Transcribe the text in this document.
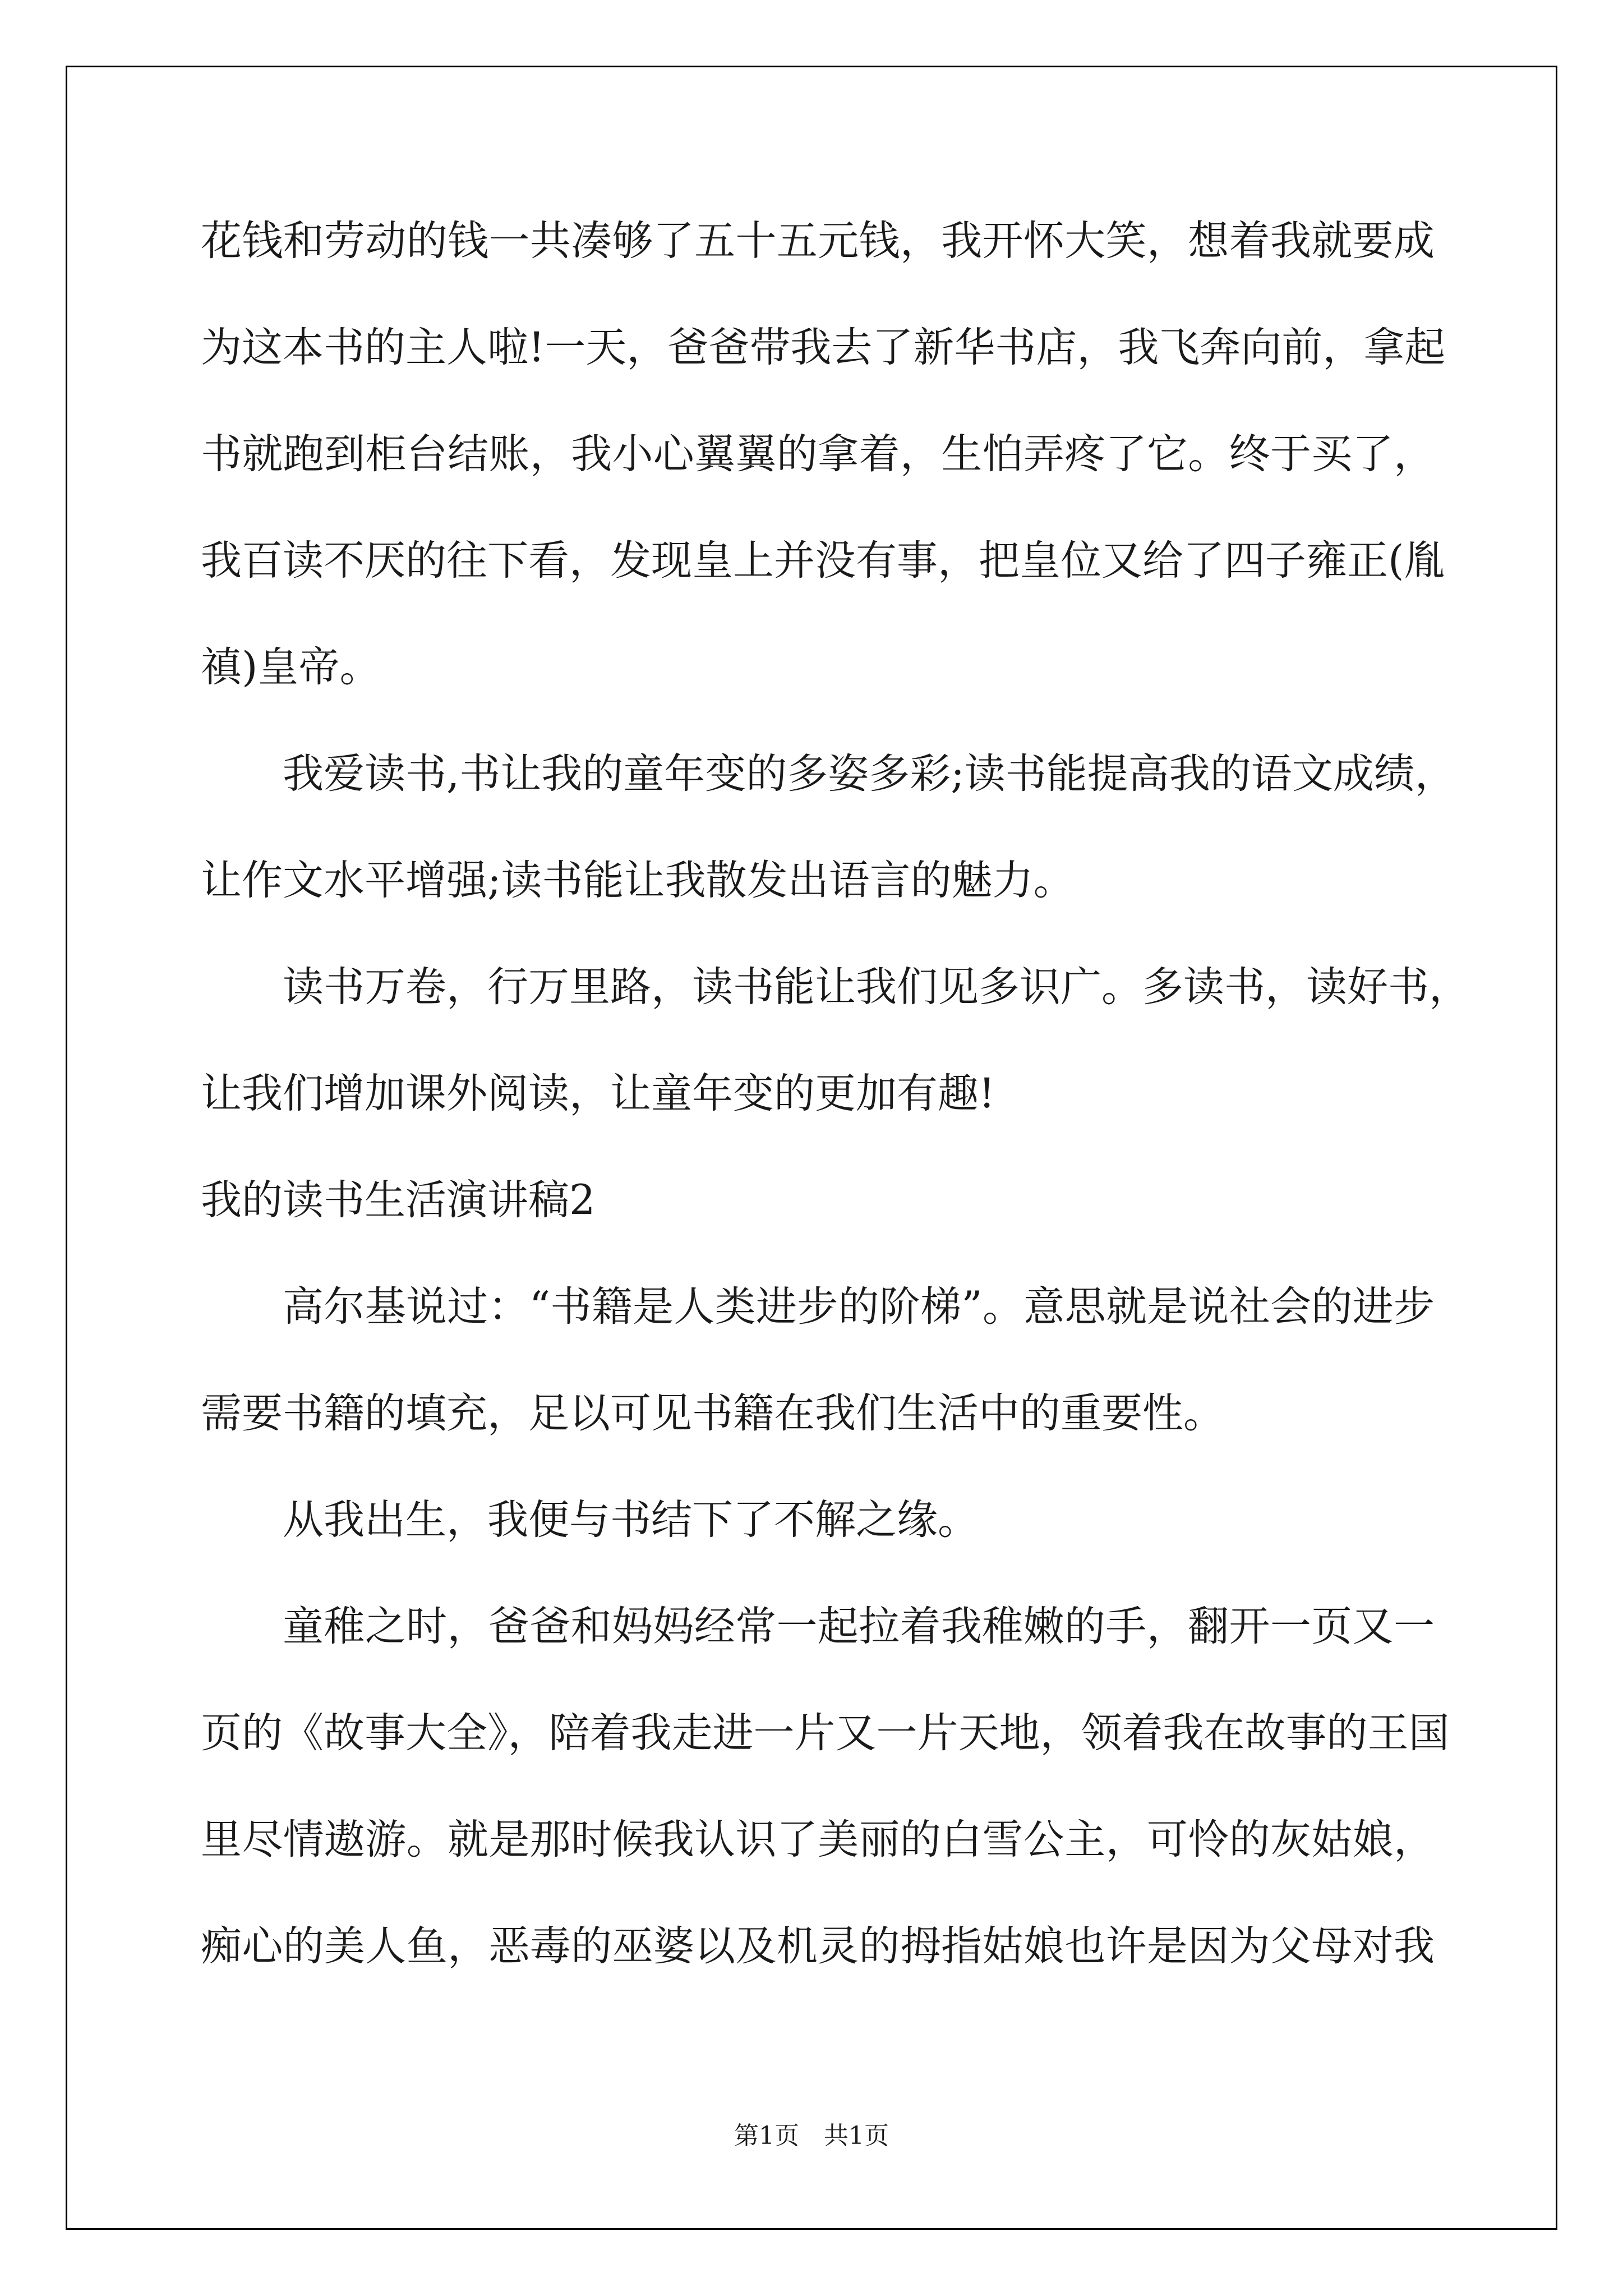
花钱和劳动的钱一共凑够了五十五元钱，我开怀大笑，想着我就要成
为这本书的主人啦!一天，爸爸带我去了新华书店，我飞奔向前，拿起
书就跑到柜台结账，我小心翼翼的拿着，生怕弄疼了它。终于买了，
我百读不厌的往下看，发现皇上并没有事，把皇位又给了四子雍正(胤
禛)皇帝。
我爱读书,书让我的童年变的多姿多彩;读书能提高我的语文成绩，
让作文水平增强;读书能让我散发出语言的魅力。
读书万卷，行万里路，读书能让我们见多识广。多读书，读好书，
让我们增加课外阅读，让童年变的更加有趣!
我的读书生活演讲稿2
高尔基说过：“书籍是人类进步的阶梯”。意思就是说社会的进步
需要书籍的填充，足以可见书籍在我们生活中的重要性。
从我出生，我便与书结下了不解之缘。
童稚之时，爸爸和妈妈经常一起拉着我稚嫩的手，翻开一页又一
页的《故事大全》，陪着我走进一片又一片天地，领着我在故事的王国
里尽情遨游。就是那时候我认识了美丽的白雪公主，可怜的灰姑娘，
痴心的美人鱼，恶毒的巫婆以及机灵的拇指姑娘也许是因为父母对我
第1页　共1页
